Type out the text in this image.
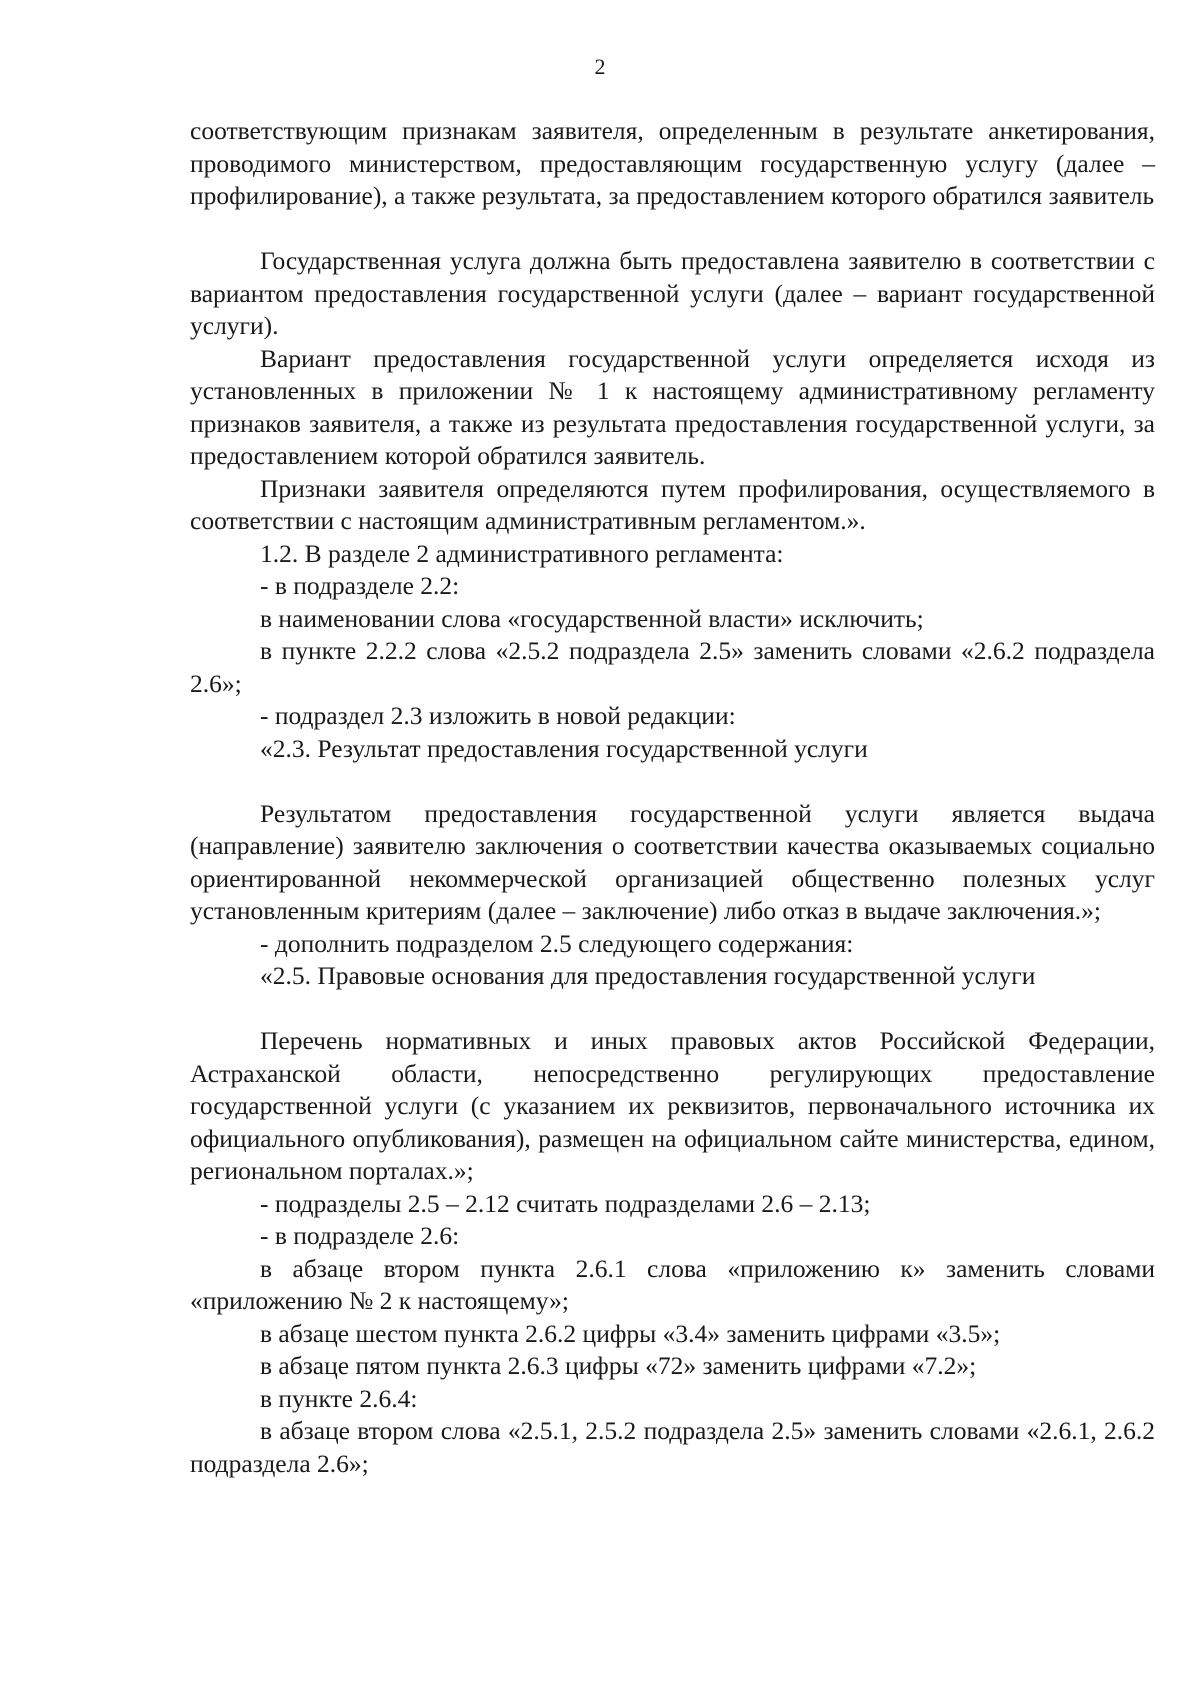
2

соответствующим признакам заявителя, определенным в результате анкетирования, проводимого министерством, предоставляющим государственную услугу (далее – профилирование), а также результата, за предоставлением которого обратился заявитель

Государственная услуга должна быть предоставлена заявителю в соответствии с вариантом предоставления государственной услуги (далее – вариант государственной услуги).

Вариант предоставления государственной услуги определяется исходя из установленных в приложении № 1 к настоящему административному регламенту признаков заявителя, а также из результата предоставления государственной услуги, за предоставлением которой обратился заявитель.

Признаки заявителя определяются путем профилирования, осуществляемого в соответствии с настоящим административным регламентом.».

1.2. В разделе 2 административного регламента:

- в подразделе 2.2:

в наименовании слова «государственной власти» исключить;

в пункте 2.2.2 слова «2.5.2 подраздела 2.5» заменить словами «2.6.2 подраздела 2.6»;

- подраздел 2.3 изложить в новой редакции:

«2.3. Результат предоставления государственной услуги

Результатом предоставления государственной услуги является выдача (направление) заявителю заключения о соответствии качества оказываемых социально ориентированной некоммерческой организацией общественно полезных услуг установленным критериям (далее – заключение) либо отказ в выдаче заключения.»;

- дополнить подразделом 2.5 следующего содержания:

«2.5. Правовые основания для предоставления государственной услуги

Перечень нормативных и иных правовых актов Российской Федерации, Астраханской области, непосредственно регулирующих предоставление государственной услуги (с указанием их реквизитов, первоначального источника их официального опубликования), размещен на официальном сайте министерства, едином, региональном порталах.»;

- подразделы 2.5 – 2.12 считать подразделами 2.6 – 2.13;

- в подразделе 2.6:

в абзаце втором пункта 2.6.1 слова «приложению к» заменить словами «приложению № 2 к настоящему»;

в абзаце шестом пункта 2.6.2 цифры «3.4» заменить цифрами «3.5»;

в абзаце пятом пункта 2.6.3 цифры «72» заменить цифрами «7.2»;

в пункте 2.6.4:

в абзаце втором слова «2.5.1, 2.5.2 подраздела 2.5» заменить словами «2.6.1, 2.6.2 подраздела 2.6»;
